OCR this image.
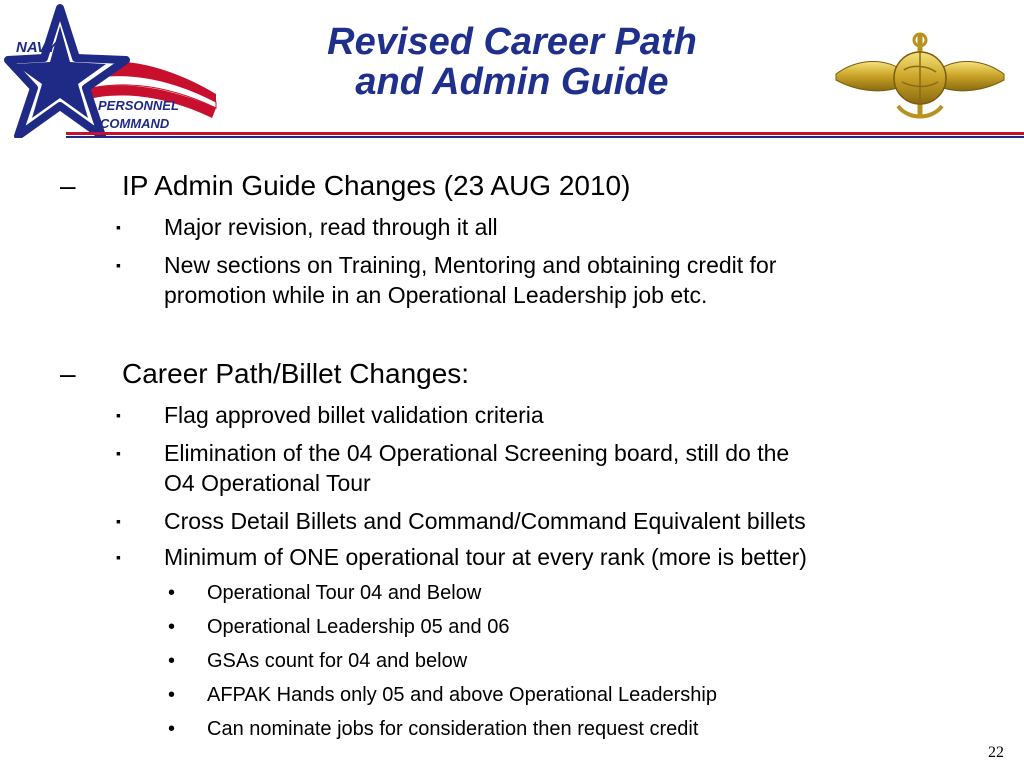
NAVY
PERSONNEL
COMMAND
Revised Career Path
and Admin Guide
– IP Admin Guide Changes (23 AUG 2010)
▪ Major revision, read through it all
▪ New sections on Training, Mentoring and obtaining credit for
promotion while in an Operational Leadership job etc.
– Career Path/Billet Changes:
▪ Flag approved billet validation criteria
▪ Elimination of the 04 Operational Screening board, still do the
O4 Operational Tour
▪ Cross Detail Billets and Command/Command Equivalent billets
▪ Minimum of ONE operational tour at every rank (more is better)
• Operational Tour 04 and Below
• Operational Leadership 05 and 06
• GSAs count for 04 and below
• AFPAK Hands only 05 and above Operational Leadership
• Can nominate jobs for consideration then request credit
22
